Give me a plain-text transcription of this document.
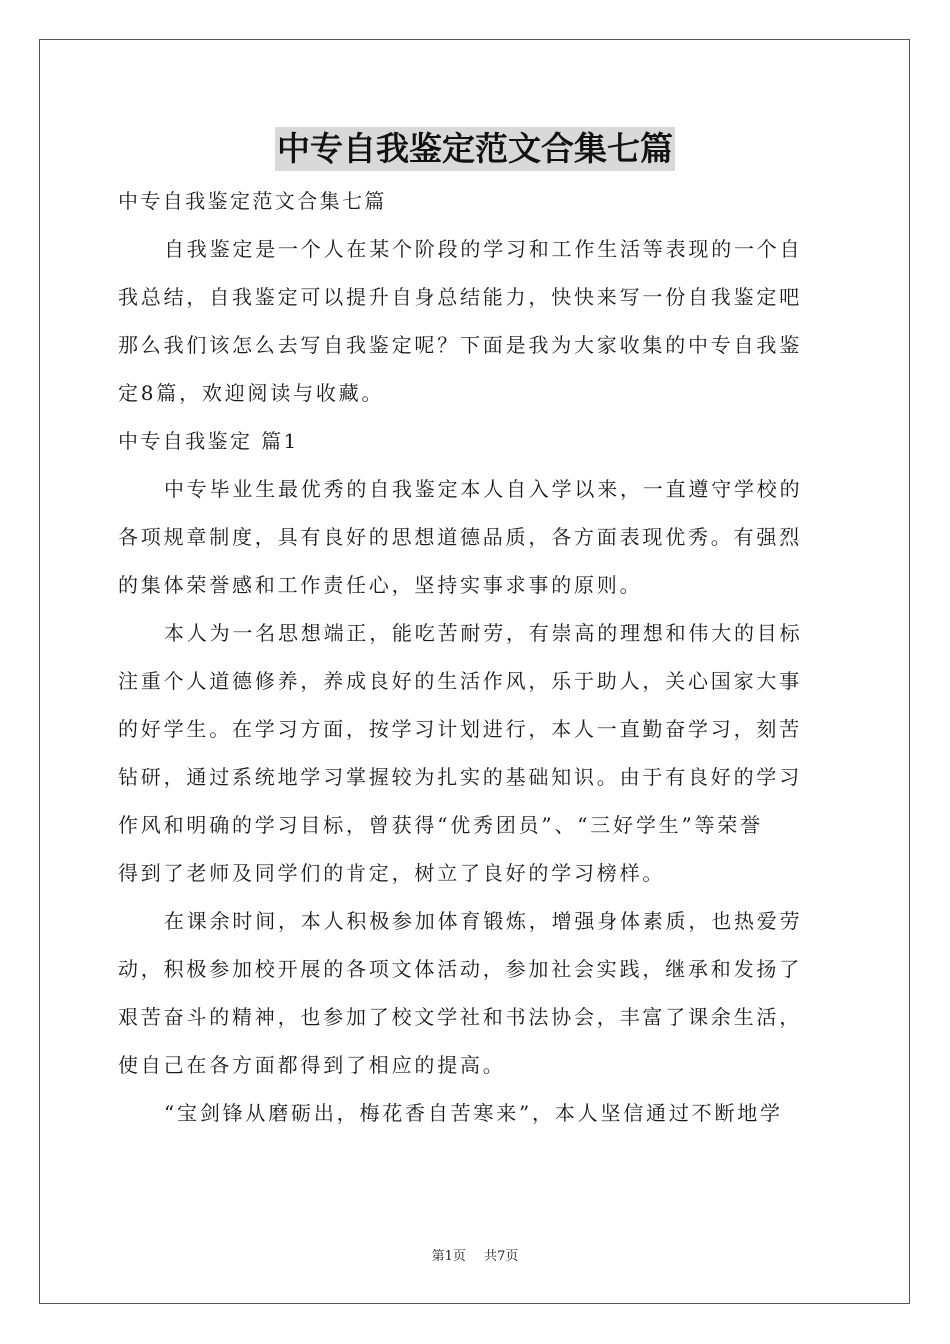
中专自我鉴定范文合集七篇

中专自我鉴定范文合集七篇

自我鉴定是一个人在某个阶段的学习和工作生活等表现的一个自

我总结，自我鉴定可以提升自身总结能力，快快来写一份自我鉴定吧

那么我们该怎么去写自我鉴定呢？下面是我为大家收集的中专自我鉴

定8篇，欢迎阅读与收藏。

中专自我鉴定 篇1

中专毕业生最优秀的自我鉴定本人自入学以来，一直遵守学校的

各项规章制度，具有良好的思想道德品质，各方面表现优秀。有强烈

的集体荣誉感和工作责任心，坚持实事求事的原则。

本人为一名思想端正，能吃苦耐劳，有崇高的理想和伟大的目标

注重个人道德修养，养成良好的生活作风，乐于助人，关心国家大事

的好学生。在学习方面，按学习计划进行，本人一直勤奋学习，刻苦

钻研，通过系统地学习掌握较为扎实的基础知识。由于有良好的学习

作风和明确的学习目标，曾获得“优秀团员”、“三好学生”等荣誉

得到了老师及同学们的肯定，树立了良好的学习榜样。

在课余时间，本人积极参加体育锻炼，增强身体素质，也热爱劳

动，积极参加校开展的各项文体活动，参加社会实践，继承和发扬了

艰苦奋斗的精神，也参加了校文学社和书法协会，丰富了课余生活，

使自己在各方面都得到了相应的提高。

“宝剑锋从磨砺出，梅花香自苦寒来”，本人坚信通过不断地学

第1页 共7页
